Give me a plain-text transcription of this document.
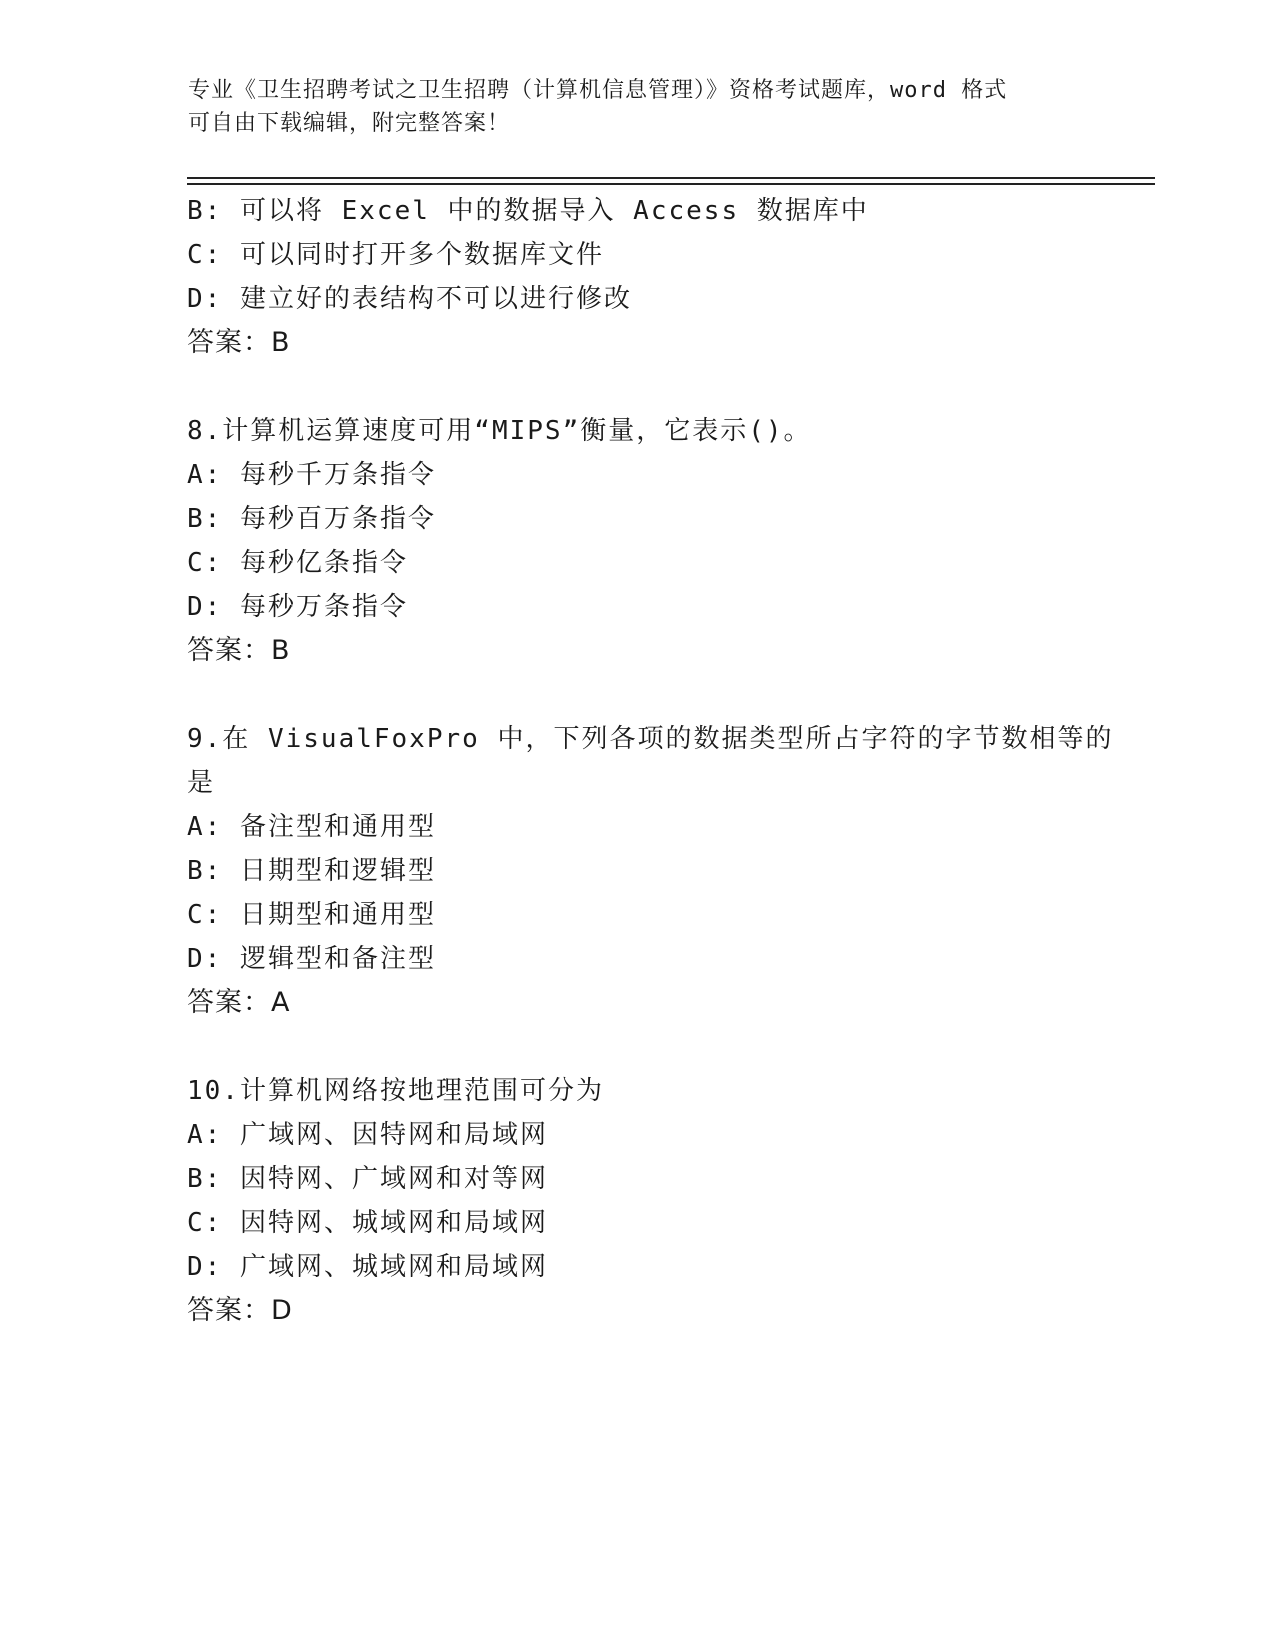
专业《卫生招聘考试之卫生招聘（计算机信息管理）》资格考试题库，word 格式
可自由下载编辑，附完整答案！
B: 可以将 Excel 中的数据导入 Access 数据库中
C: 可以同时打开多个数据库文件
D: 建立好的表结构不可以进行修改
答案：B
8.计算机运算速度可用“MIPS”衡量，它表示()。
A: 每秒千万条指令
B: 每秒百万条指令
C: 每秒亿条指令
D: 每秒万条指令
答案：B
9.在 VisualFoxPro 中，下列各项的数据类型所占字符的字节数相等的
是
A: 备注型和通用型
B: 日期型和逻辑型
C: 日期型和通用型
D: 逻辑型和备注型
答案：A
10.计算机网络按地理范围可分为
A: 广域网、因特网和局域网
B: 因特网、广域网和对等网
C: 因特网、城域网和局域网
D: 广域网、城域网和局域网
答案：D
